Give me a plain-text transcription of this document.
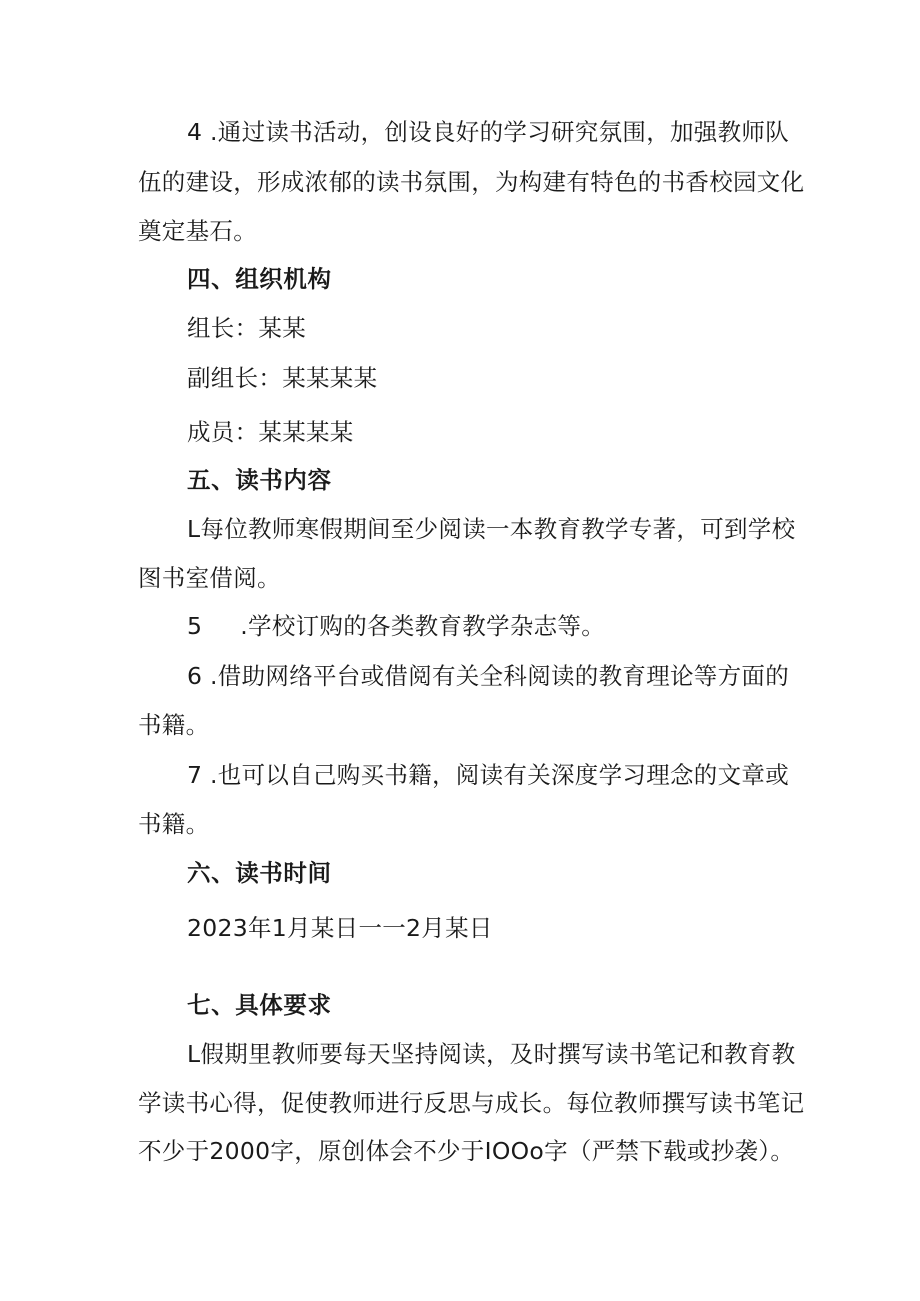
4 .通过读书活动，创设良好的学习研究氛围，加强教师队
伍的建设，形成浓郁的读书氛围，为构建有特色的书香校园文化
奠定基石。
四、组织机构
组长：某某
副组长：某某某某
成员：某某某某
五、读书内容
L每位教师寒假期间至少阅读一本教育教学专著，可到学校
图书室借阅。
5 .学校订购的各类教育教学杂志等。
6 .借助网络平台或借阅有关全科阅读的教育理论等方面的
书籍。
7 .也可以自己购买书籍，阅读有关深度学习理念的文章或
书籍。
六、读书时间
2023年1月某日一一2月某日
七、具体要求
L假期里教师要每天坚持阅读，及时撰写读书笔记和教育教
学读书心得，促使教师进行反思与成长。每位教师撰写读书笔记
不少于2000字，原创体会不少于IOOo字（严禁下载或抄袭）。
